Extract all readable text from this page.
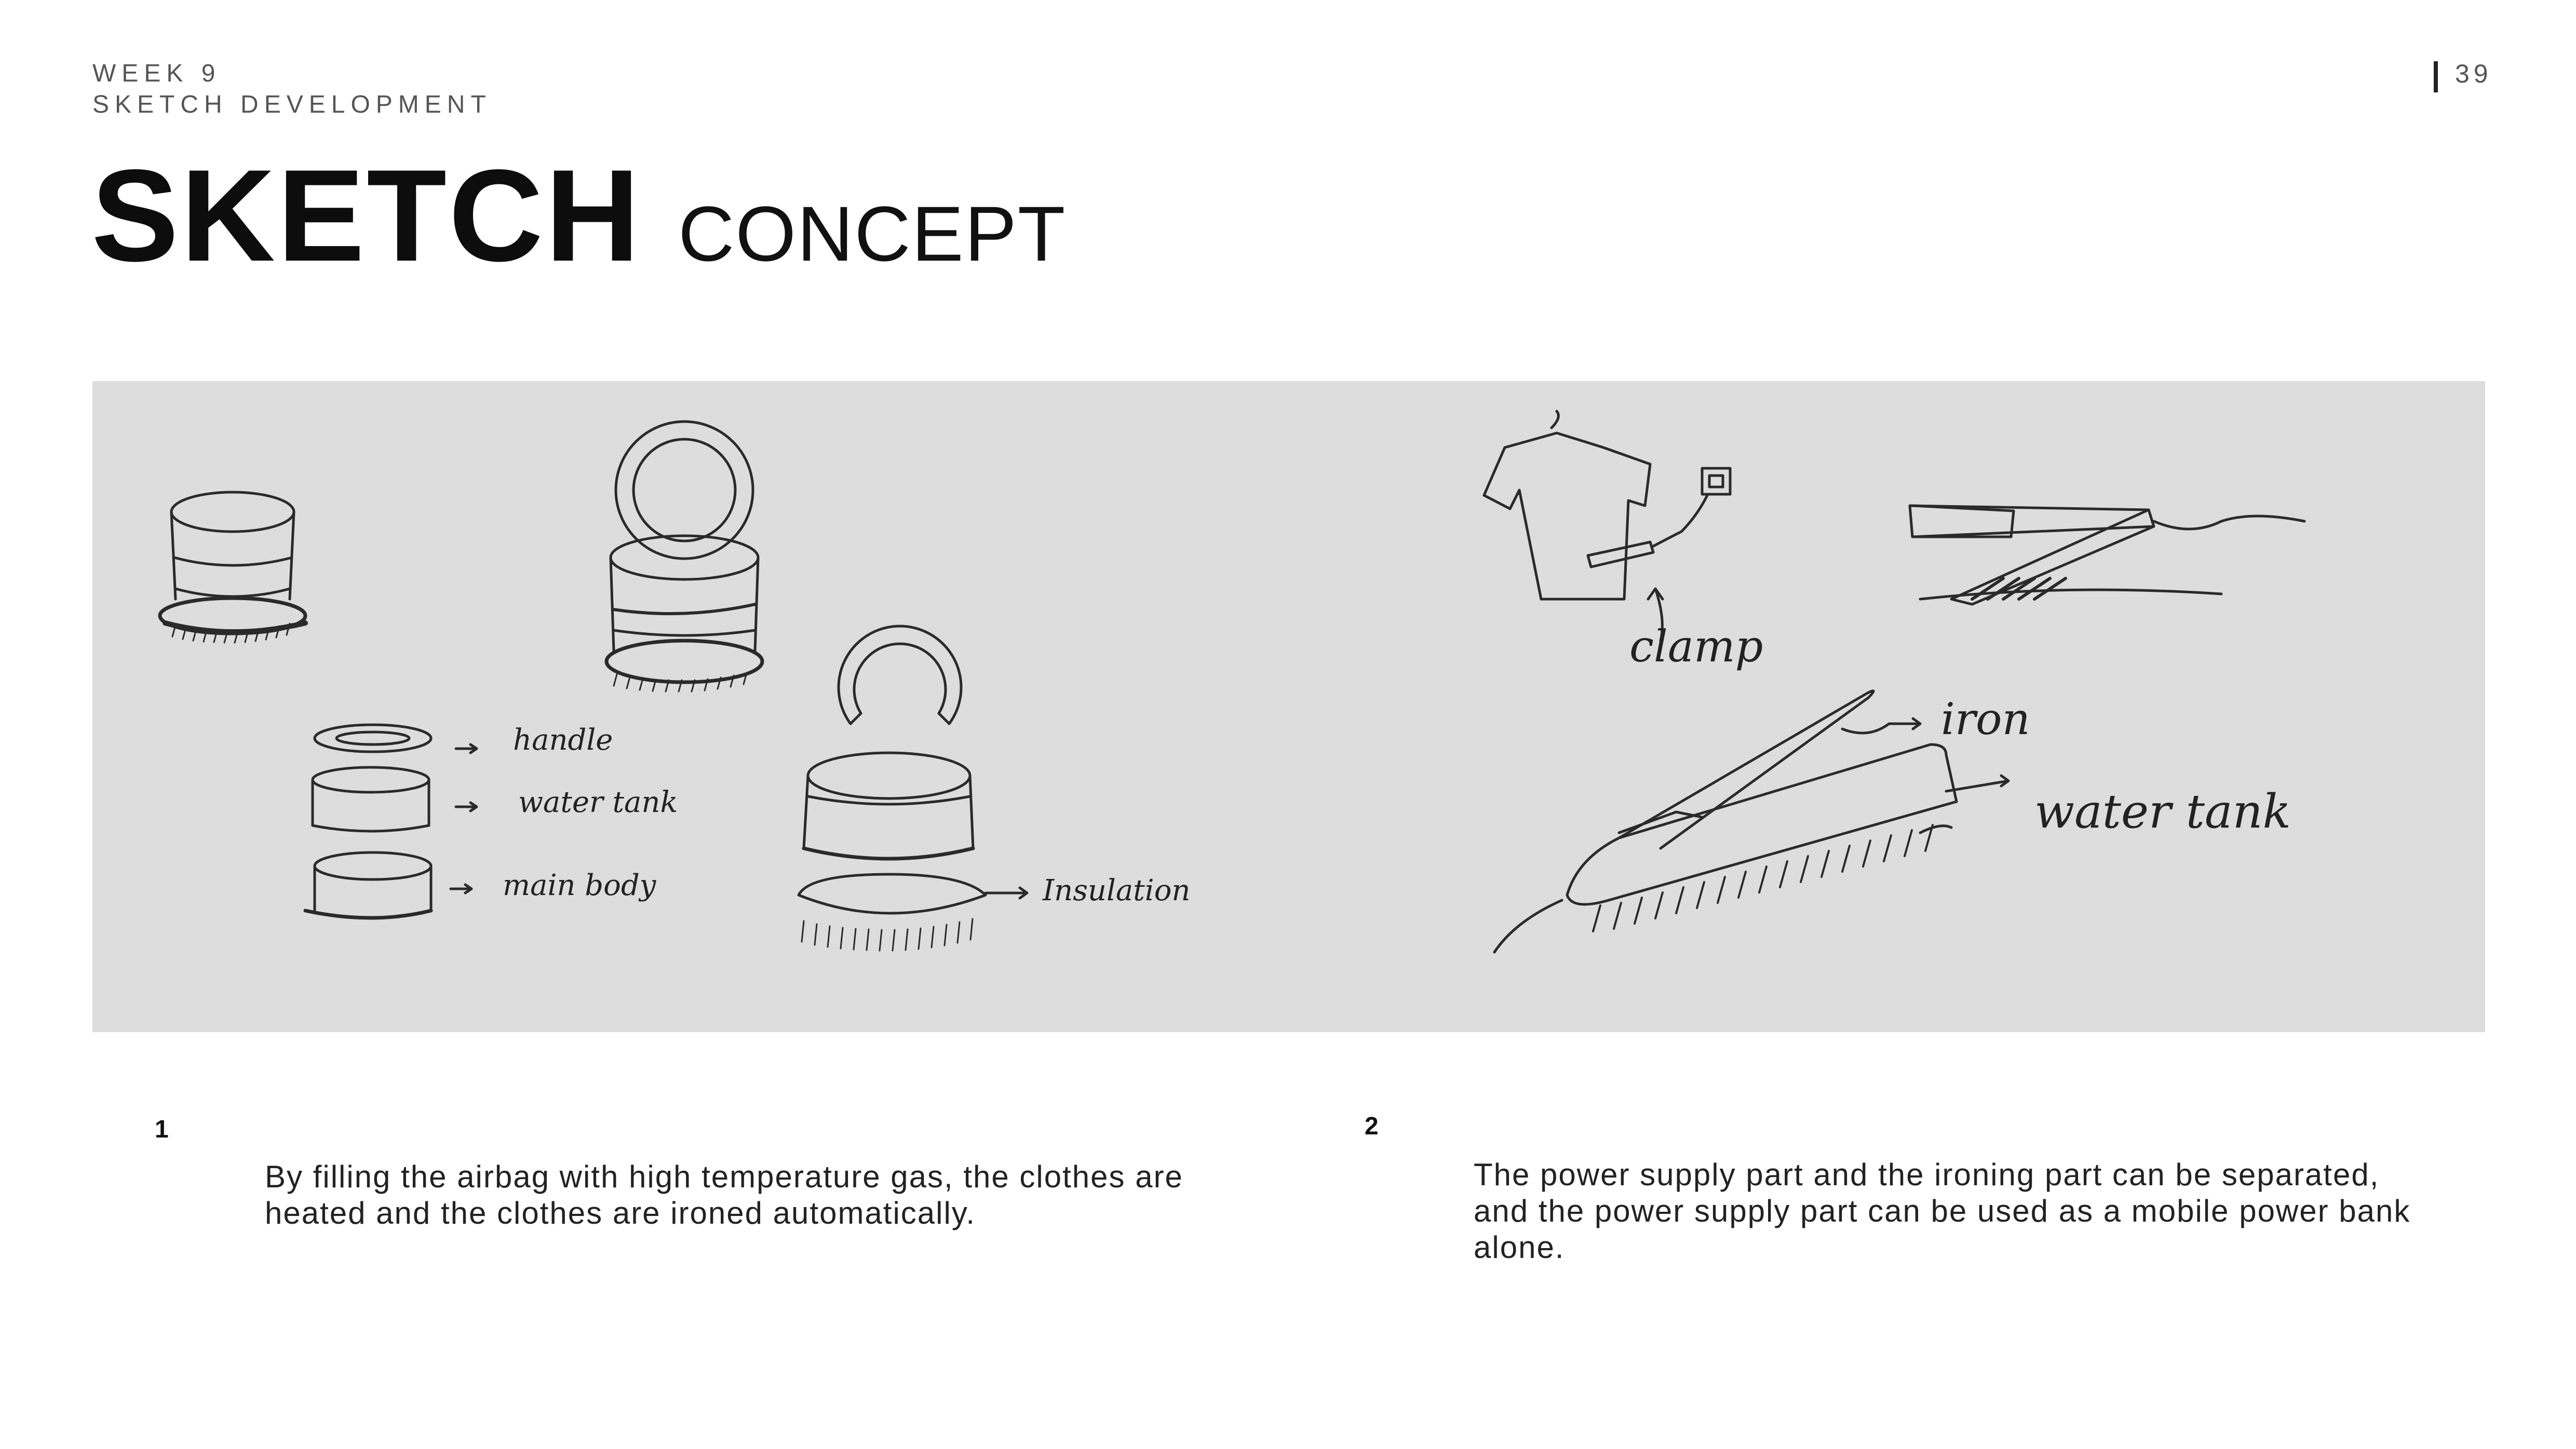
WEEK 9
SKETCH DEVELOPMENT
39
SKETCH CONCEPT
handle
water tank
main body	Insulation
clamp
iron
water tank
1
By filling the airbag with high temperature gas, the clothes are heated and the clothes are ironed automatically.
2
The power supply part and the ironing part can be separated, and the power supply part can be used as a mobile power bank alone.
